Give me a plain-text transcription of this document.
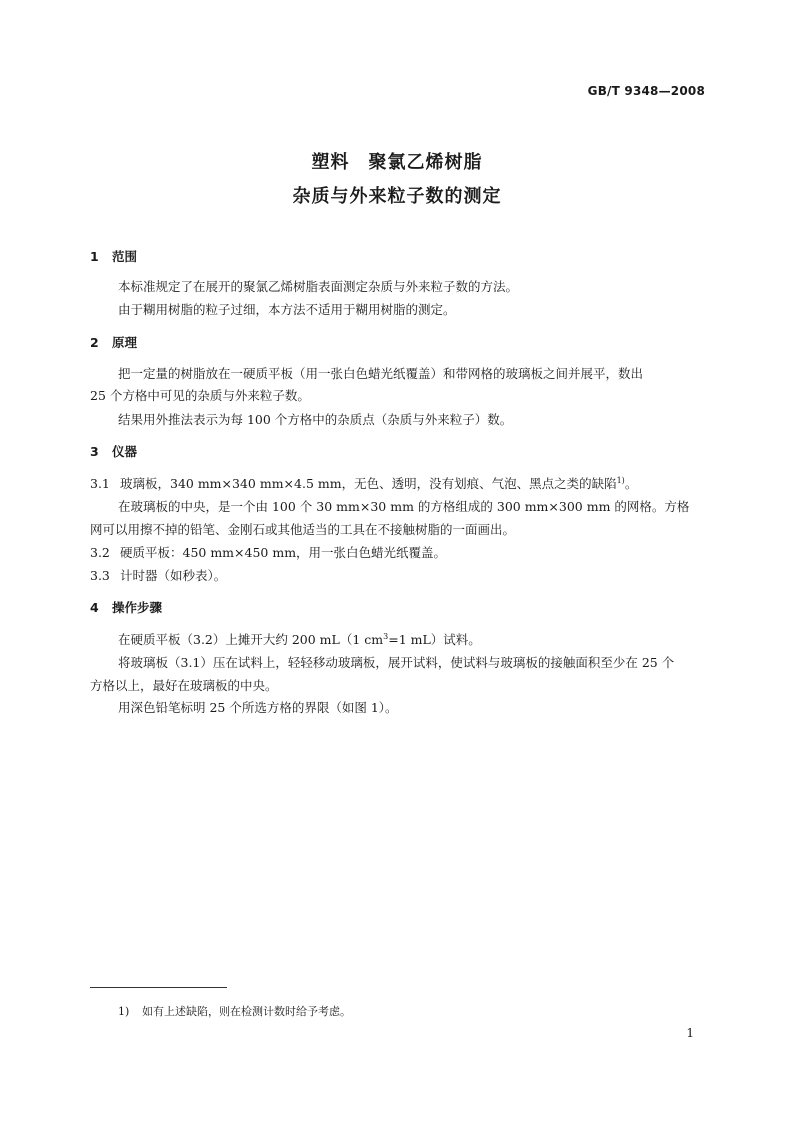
GB/T 9348—2008
塑料　聚氯乙烯树脂
杂质与外来粒子数的测定
1 范围
本标准规定了在展开的聚氯乙烯树脂表面测定杂质与外来粒子数的方法。
由于糊用树脂的粒子过细，本方法不适用于糊用树脂的测定。
2 原理
把一定量的树脂放在一硬质平板（用一张白色蜡光纸覆盖）和带网格的玻璃板之间并展平，数出
25 个方格中可见的杂质与外来粒子数。
结果用外推法表示为每 100 个方格中的杂质点（杂质与外来粒子）数。
3 仪器
3.1 玻璃板，340 mm×340 mm×4.5 mm，无色、透明，没有划痕、气泡、黑点之类的缺陷$^{1)}$。
在玻璃板的中央，是一个由 100 个 30 mm×30 mm 的方格组成的 300 mm×300 mm 的网格。方格
网可以用擦不掉的铅笔、金刚石或其他适当的工具在不接触树脂的一面画出。
3.2 硬质平板：450 mm×450 mm，用一张白色蜡光纸覆盖。
3.3 计时器（如秒表）。
4 操作步骤
在硬质平板（3.2）上摊开大约 200 mL（1 $cm^3=1$ mL）试料。
将玻璃板（3.1）压在试料上，轻轻移动玻璃板，展开试料，使试料与玻璃板的接触面积至少在 25 个
方格以上，最好在玻璃板的中央。
用深色铅笔标明 25 个所选方格的界限（如图 1）。
1) 如有上述缺陷，则在检测计数时给予考虑。
1
